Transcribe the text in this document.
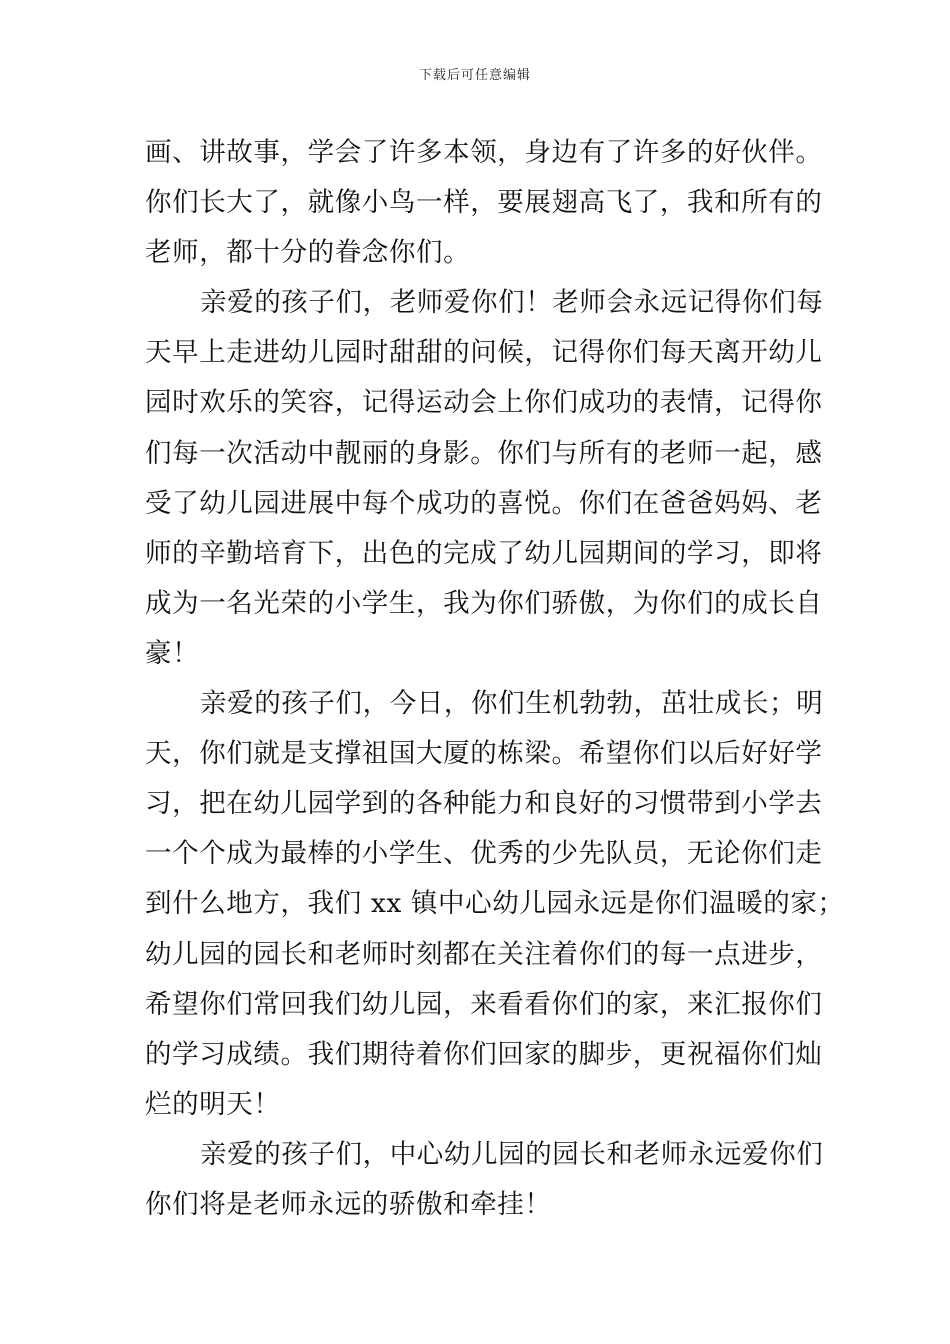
下载后可任意编辑
画、讲故事，学会了许多本领，身边有了许多的好伙伴。
你们长大了，就像小鸟一样，要展翅高飞了，我和所有的
老师，都十分的眷念你们。
亲爱的孩子们，老师爱你们！老师会永远记得你们每
天早上走进幼儿园时甜甜的问候，记得你们每天离开幼儿
园时欢乐的笑容，记得运动会上你们成功的表情，记得你
们每一次活动中靓丽的身影。你们与所有的老师一起，感
受了幼儿园进展中每个成功的喜悦。你们在爸爸妈妈、老
师的辛勤培育下，出色的完成了幼儿园期间的学习，即将
成为一名光荣的小学生，我为你们骄傲，为你们的成长自
豪！
亲爱的孩子们，今日，你们生机勃勃，茁壮成长；明
天，你们就是支撑祖国大厦的栋梁。希望你们以后好好学
习，把在幼儿园学到的各种能力和良好的习惯带到小学去
一个个成为最棒的小学生、优秀的少先队员，无论你们走
到什么地方，我们 xx 镇中心幼儿园永远是你们温暖的家；
幼儿园的园长和老师时刻都在关注着你们的每一点进步，
希望你们常回我们幼儿园，来看看你们的家，来汇报你们
的学习成绩。我们期待着你们回家的脚步，更祝福你们灿
烂的明天！
亲爱的孩子们，中心幼儿园的园长和老师永远爱你们
你们将是老师永远的骄傲和牵挂！
